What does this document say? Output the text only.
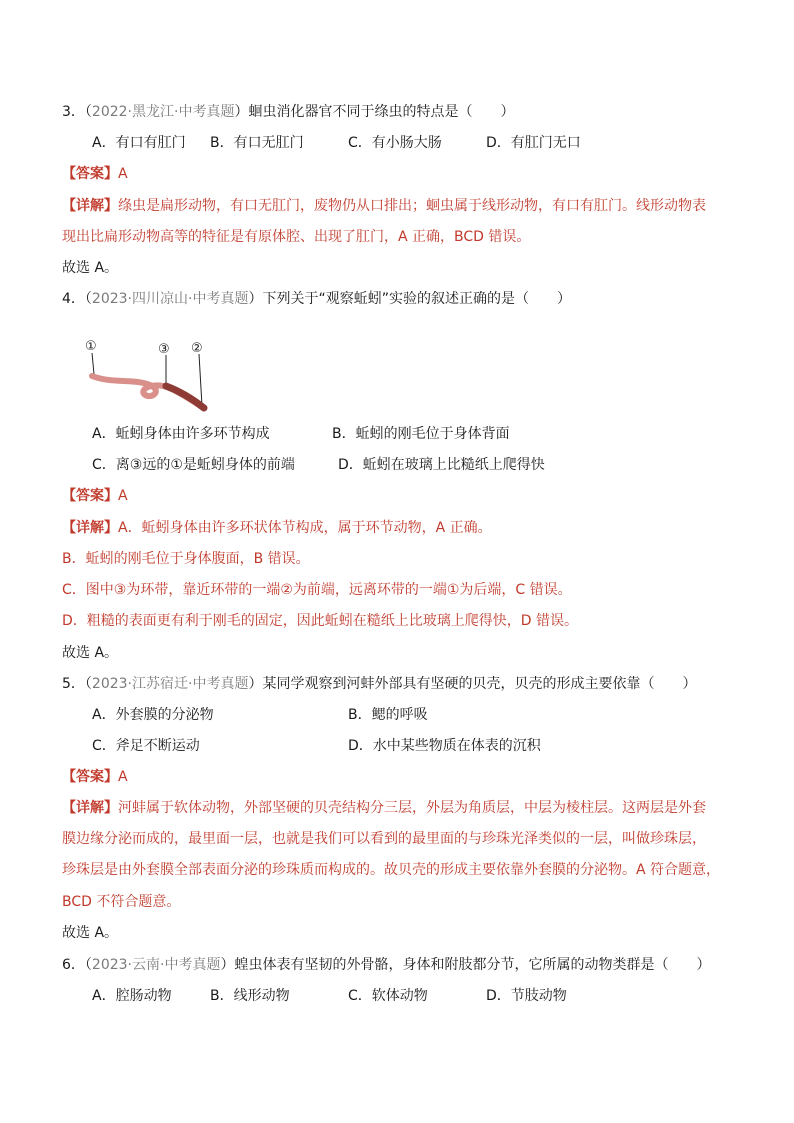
3．（2022·黑龙江·中考真题）蛔虫消化器官不同于绦虫的特点是（　　）
A．有口有肛门 B．有口无肛门	C．有小肠大肠	D．有肛门无口
【答案】A
【详解】绦虫是扁形动物，有口无肛门，废物仍从口排出；蛔虫属于线形动物，有口有肛门。线形动物表
现出比扁形动物高等的特征是有原体腔、出现了肛门，A 正确，BCD 错误。
故选 A。
4．（2023·四川凉山·中考真题）下列关于“观察蚯蚓”实验的叙述正确的是（　　）
①	③ ②
A．蚯蚓身体由许多环节构成	B．蚯蚓的刚毛位于身体背面
C．离③远的①是蚯蚓身体的前端	D．蚯蚓在玻璃上比糙纸上爬得快
【答案】A
【详解】A．蚯蚓身体由许多环状体节构成，属于环节动物，A 正确。
B．蚯蚓的刚毛位于身体腹面，B 错误。
C．图中③为环带，靠近环带的一端②为前端，远离环带的一端①为后端，C 错误。
D．粗糙的表面更有利于刚毛的固定，因此蚯蚓在糙纸上比玻璃上爬得快，D 错误。
故选 A。
5．（2023·江苏宿迁·中考真题）某同学观察到河蚌外部具有坚硬的贝壳，贝壳的形成主要依靠（　　）
A．外套膜的分泌物	B．鳃的呼吸
C．斧足不断运动	D．水中某些物质在体表的沉积
【答案】A
【详解】河蚌属于软体动物，外部坚硬的贝壳结构分三层，外层为角质层，中层为棱柱层。这两层是外套
膜边缘分泌而成的，最里面一层，也就是我们可以看到的最里面的与珍珠光泽类似的一层，叫做珍珠层，
珍珠层是由外套膜全部表面分泌的珍珠质而构成的。故贝壳的形成主要依靠外套膜的分泌物。A 符合题意，
BCD 不符合题意。
故选 A。
6．（2023·云南·中考真题）蝗虫体表有坚韧的外骨骼，身体和附肢都分节，它所属的动物类群是（　　）
A．腔肠动物	B．线形动物	C．软体动物	D．节肢动物
